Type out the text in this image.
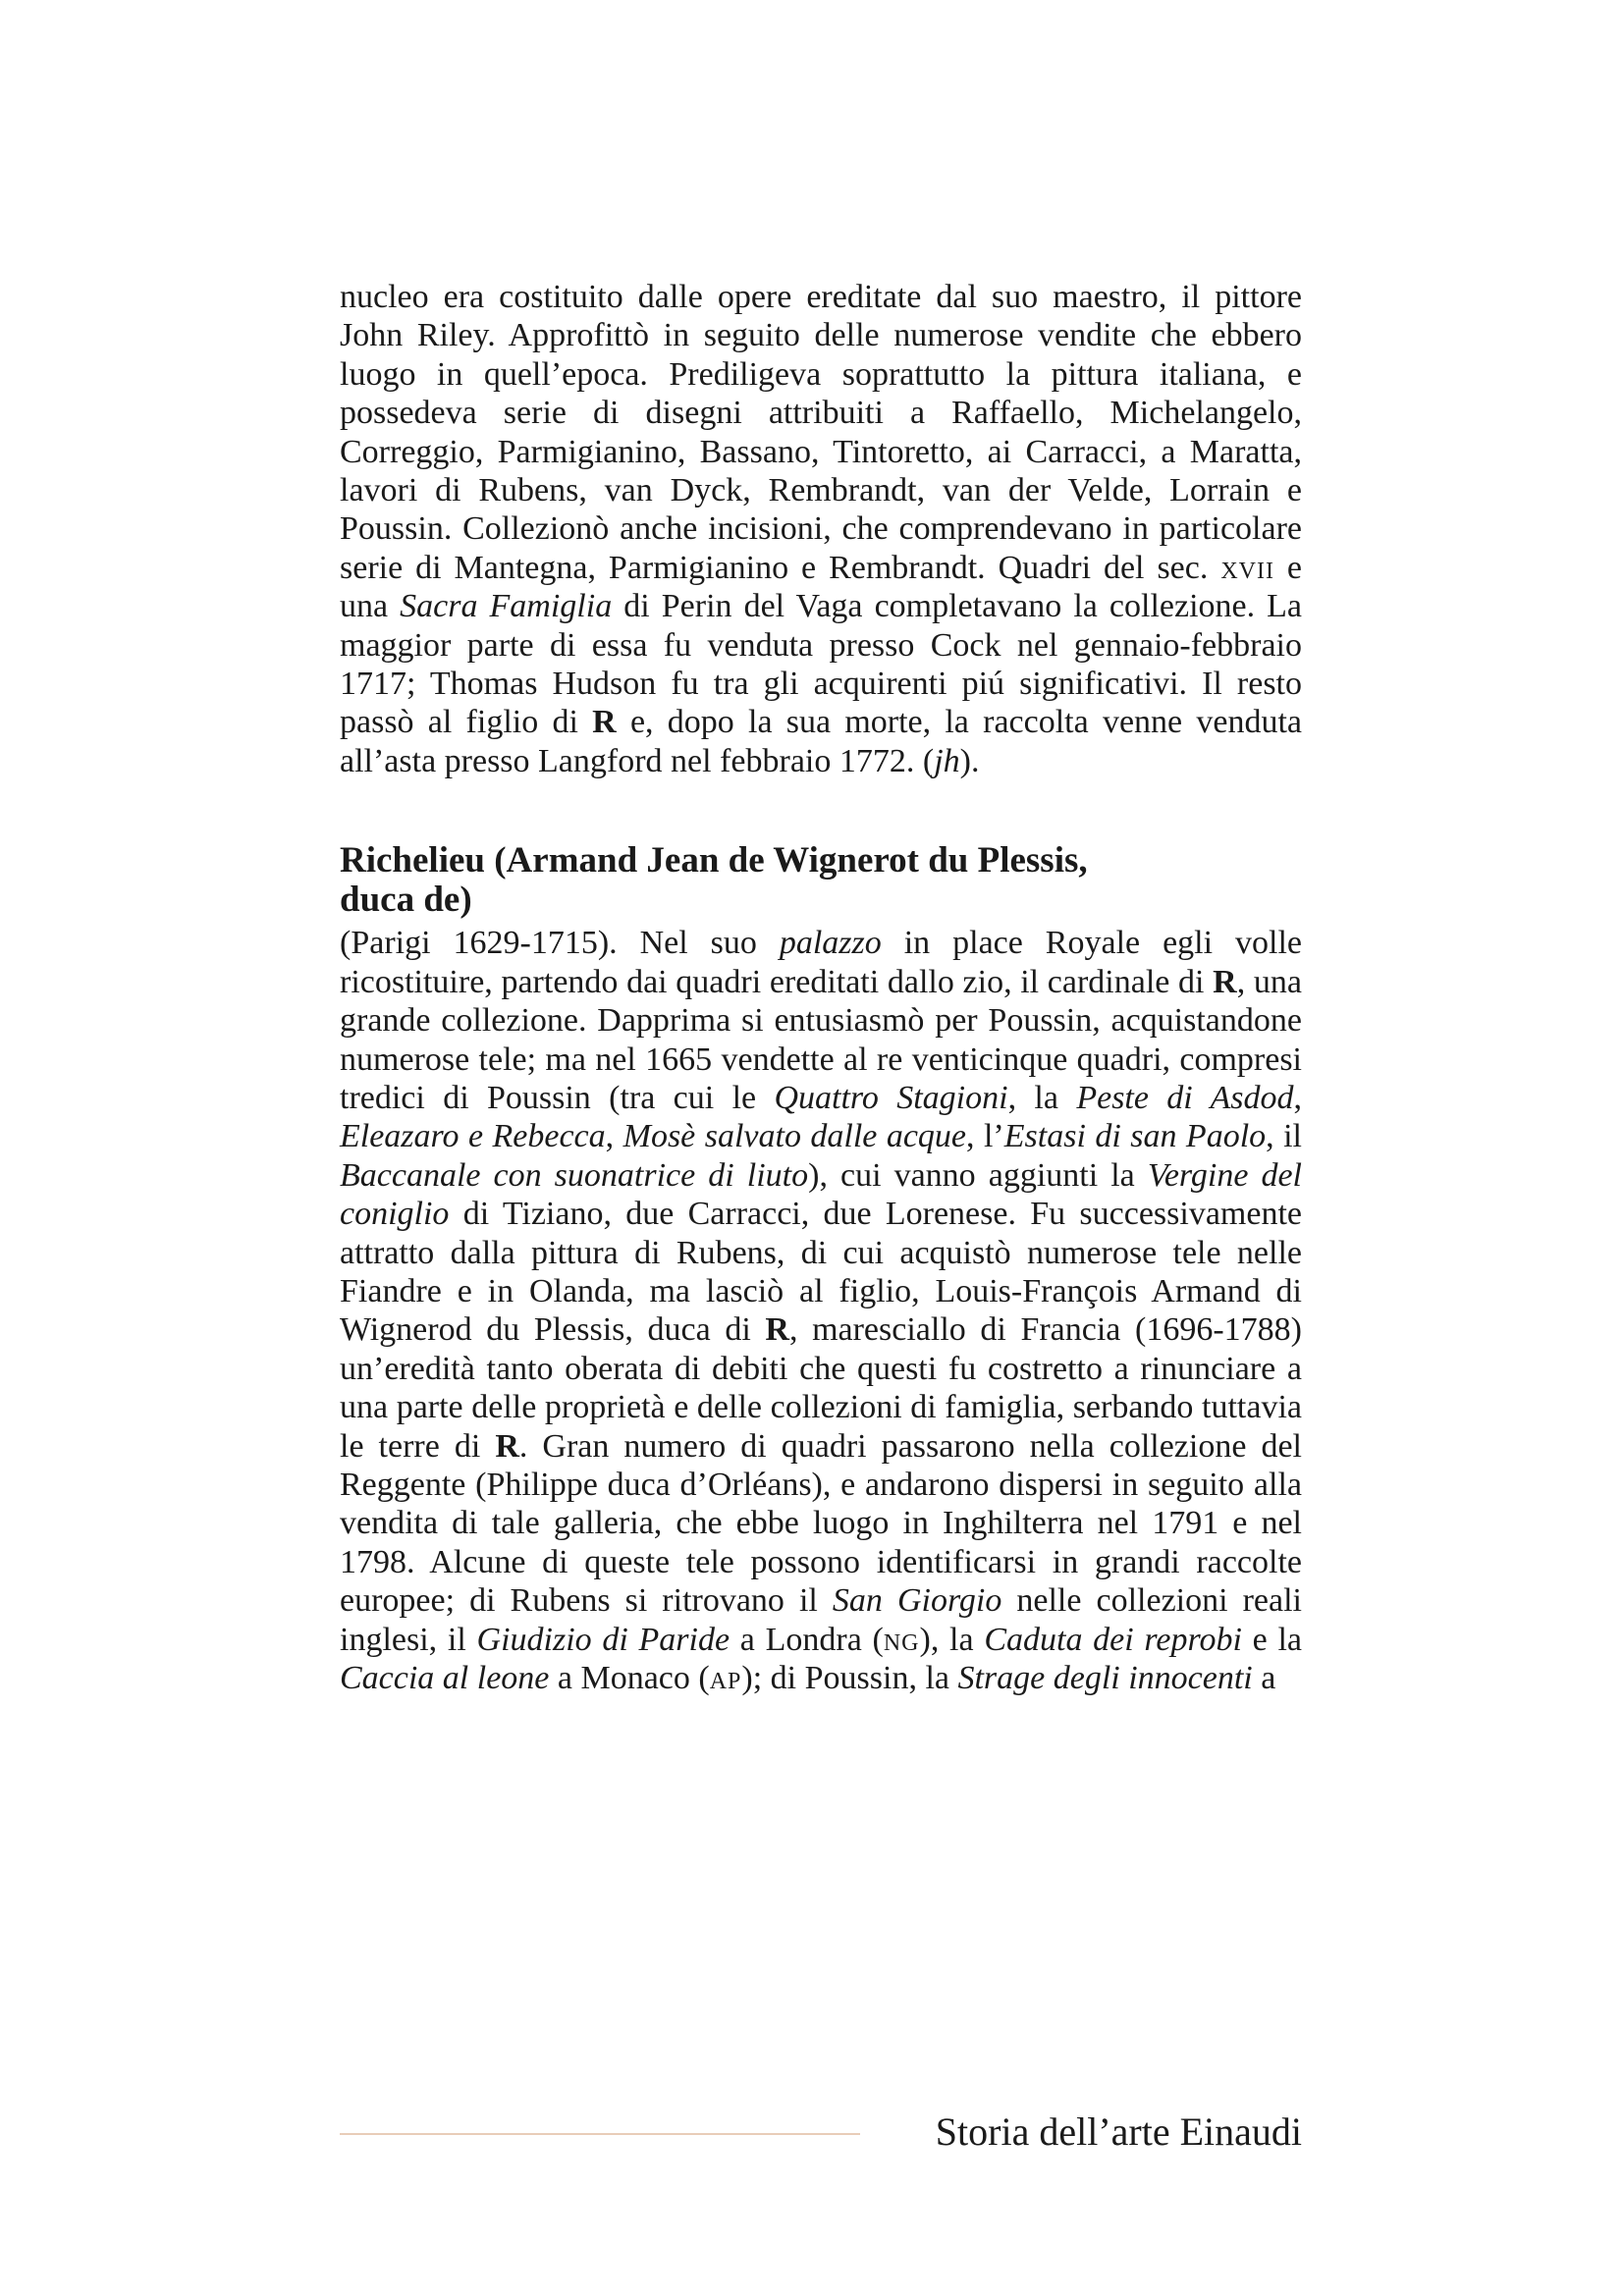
nucleo era costituito dalle opere ereditate dal suo maestro, il pittore John Riley. Approfittò in seguito delle numerose vendite che ebbero luogo in quell’epoca. Prediligeva soprattutto la pittura italiana, e possedeva serie di disegni attribuiti a Raffaello, Michelangelo, Correggio, Parmigianino, Bassano, Tintoretto, ai Carracci, a Maratta, lavori di Rubens, van Dyck, Rembrandt, van der Velde, Lorrain e Poussin. Collezionò anche incisioni, che comprendevano in particolare serie di Mantegna, Parmigianino e Rembrandt. Quadri del sec. xvii e una Sacra Famiglia di Perin del Vaga completavano la collezione. La maggior parte di essa fu venduta presso Cock nel gennaio-febbraio 1717; Thomas Hudson fu tra gli acquirenti piú significativi. Il resto passò al figlio di R e, dopo la sua morte, la raccolta venne venduta all’asta presso Langford nel febbraio 1772. (jh).

Richelieu (Armand Jean de Wignerot du Plessis,
duca de)

(Parigi 1629-1715). Nel suo palazzo in place Royale egli volle ricostituire, partendo dai quadri ereditati dallo zio, il cardinale di R, una grande collezione. Dapprima si entusiasmò per Poussin, acquistandone numerose tele; ma nel 1665 vendette al re venticinque quadri, compresi tredici di Poussin (tra cui le Quattro Stagioni, la Peste di Asdod, Eleazaro e Rebecca, Mosè salvato dalle acque, l’Estasi di san Paolo, il Baccanale con suonatrice di liuto), cui vanno aggiunti la Vergine del coniglio di Tiziano, due Carracci, due Lorenese. Fu successivamente attratto dalla pittura di Rubens, di cui acquistò numerose tele nelle Fiandre e in Olanda, ma lasciò al figlio, Louis-François Armand di Wignerod du Plessis, duca di R, maresciallo di Francia (1696-1788) un’eredità tanto oberata di debiti che questi fu costretto a rinunciare a una parte delle proprietà e delle collezioni di famiglia, serbando tuttavia le terre di R. Gran numero di quadri passarono nella collezione del Reggente (Philippe duca d’Orléans), e andarono dispersi in seguito alla vendita di tale galleria, che ebbe luogo in Inghilterra nel 1791 e nel 1798. Alcune di queste tele possono identificarsi in grandi raccolte europee; di Rubens si ritrovano il San Giorgio nelle collezioni reali inglesi, il Giudizio di Paride a Londra (ng), la Caduta dei reprobi e la Caccia al leone a Monaco (ap); di Poussin, la Strage degli innocenti a

Storia dell’arte Einaudi
